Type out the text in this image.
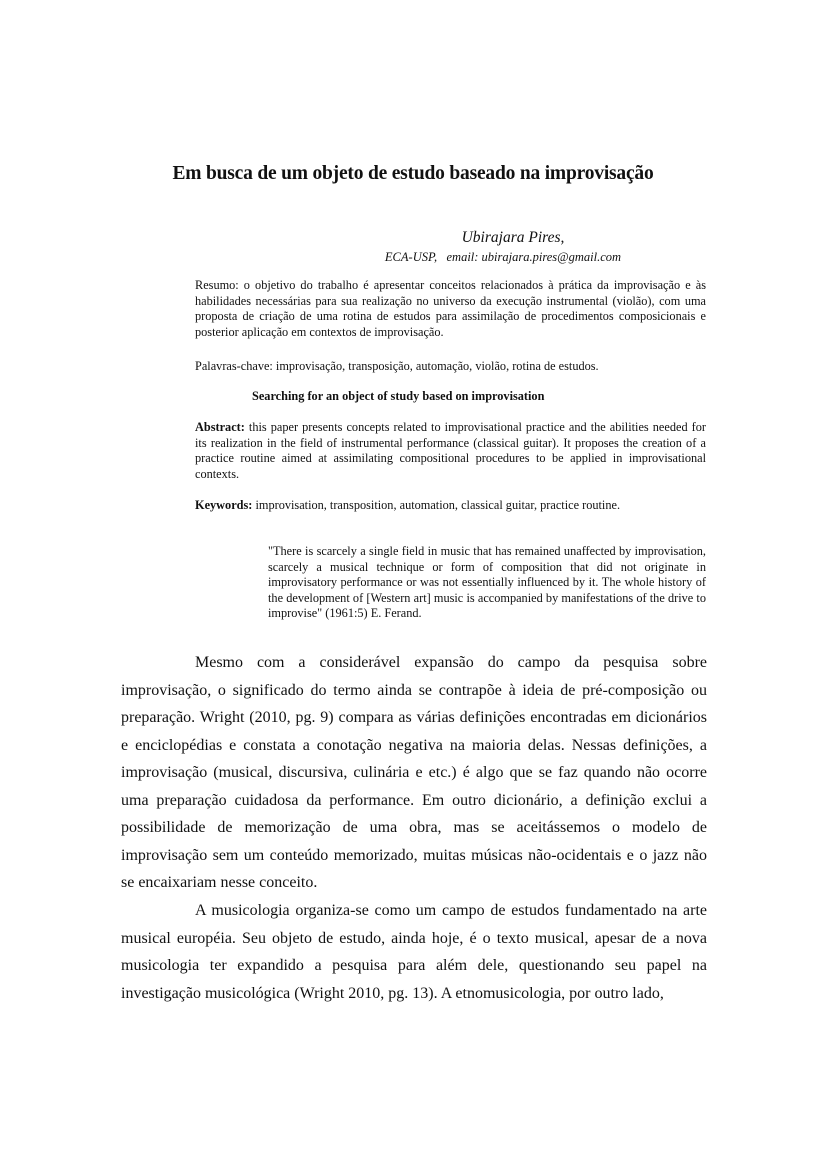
Em busca de um objeto de estudo baseado na improvisação
Ubirajara Pires,
ECA-USP,   email: ubirajara.pires@gmail.com
Resumo: o objetivo do trabalho é apresentar conceitos relacionados à prática da improvisação e às habilidades necessárias para sua realização no universo da execução instrumental (violão), com uma proposta de criação de uma rotina de estudos para assimilação de procedimentos composicionais e posterior aplicação em contextos de improvisação.
Palavras-chave: improvisação, transposição, automação, violão, rotina de estudos.
Searching for an object of study based on improvisation
Abstract: this paper presents concepts related to improvisational practice and the abilities needed for its realization in the field of instrumental performance (classical guitar). It proposes the creation of a practice routine aimed at assimilating compositional procedures to be applied in improvisational contexts.
Keywords: improvisation, transposition, automation, classical guitar, practice routine.
"There is scarcely a single field in music that has remained unaffected by improvisation, scarcely a musical technique or form of composition that did not originate in improvisatory performance or was not essentially influenced by it. The whole history of the development of [Western art] music is accompanied by manifestations of the drive to improvise" (1961:5) E. Ferand.
Mesmo com a considerável expansão do campo da pesquisa sobre improvisação, o significado do termo ainda se contrapõe à ideia de pré-composição ou preparação. Wright (2010, pg. 9) compara as várias definições encontradas em dicionários e enciclopédias e constata a conotação negativa na maioria delas. Nessas definições, a improvisação (musical, discursiva, culinária e etc.) é algo que se faz quando não ocorre uma preparação cuidadosa da performance. Em outro dicionário, a definição exclui a possibilidade de memorização de uma obra, mas se aceitássemos o modelo de improvisação sem um conteúdo memorizado, muitas músicas não-ocidentais e o jazz não se encaixariam nesse conceito.
A musicologia organiza-se como um campo de estudos fundamentado na arte musical européia. Seu objeto de estudo, ainda hoje, é o texto musical, apesar de a nova musicologia ter expandido a pesquisa para além dele, questionando seu papel na investigação musicológica (Wright 2010, pg. 13). A etnomusicologia, por outro lado,
